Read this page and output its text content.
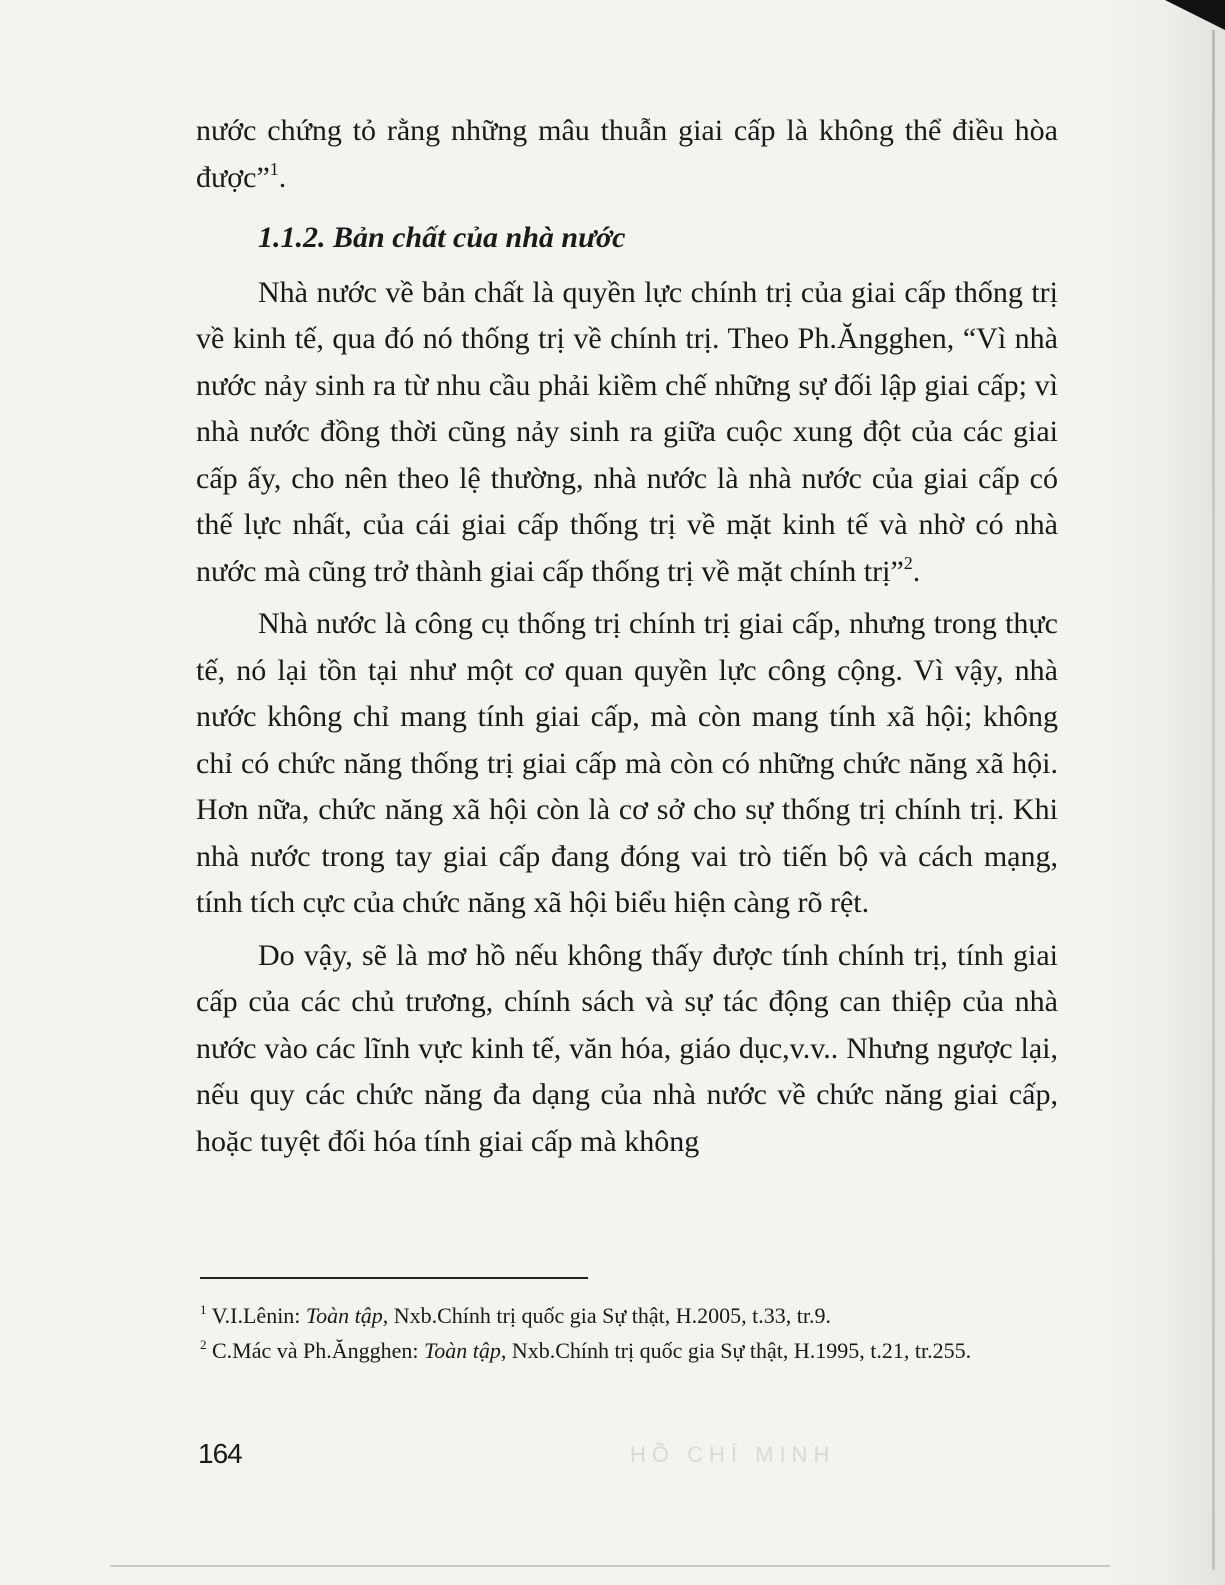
nước chứng tỏ rằng những mâu thuẫn giai cấp là không thể điều hòa được”$^1$.

1.1.2. Bản chất của nhà nước

Nhà nước về bản chất là quyền lực chính trị của giai cấp thống trị về kinh tế, qua đó nó thống trị về chính trị. Theo Ph.Ăngghen, “Vì nhà nước nảy sinh ra từ nhu cầu phải kiềm chế những sự đối lập giai cấp; vì nhà nước đồng thời cũng nảy sinh ra giữa cuộc xung đột của các giai cấp ấy, cho nên theo lệ thường, nhà nước là nhà nước của giai cấp có thế lực nhất, của cái giai cấp thống trị về mặt kinh tế và nhờ có nhà nước mà cũng trở thành giai cấp thống trị về mặt chính trị”$^2$.

Nhà nước là công cụ thống trị chính trị giai cấp, nhưng trong thực tế, nó lại tồn tại như một cơ quan quyền lực công cộng. Vì vậy, nhà nước không chỉ mang tính giai cấp, mà còn mang tính xã hội; không chỉ có chức năng thống trị giai cấp mà còn có những chức năng xã hội. Hơn nữa, chức năng xã hội còn là cơ sở cho sự thống trị chính trị. Khi nhà nước trong tay giai cấp đang đóng vai trò tiến bộ và cách mạng, tính tích cực của chức năng xã hội biểu hiện càng rõ rệt.

Do vậy, sẽ là mơ hồ nếu không thấy được tính chính trị, tính giai cấp của các chủ trương, chính sách và sự tác động can thiệp của nhà nước vào các lĩnh vực kinh tế, văn hóa, giáo dục,v.v.. Nhưng ngược lại, nếu quy các chức năng đa dạng của nhà nước về chức năng giai cấp, hoặc tuyệt đối hóa tính giai cấp mà không

$^1$ V.I.Lênin: Toàn tập, Nxb.Chính trị quốc gia Sự thật, H.2005, t.33, tr.9.

$^2$ C.Mác và Ph.Ăngghen: Toàn tập, Nxb.Chính trị quốc gia Sự thật, H.1995, t.21, tr.255.

164	HỒ CHÍ MINH
